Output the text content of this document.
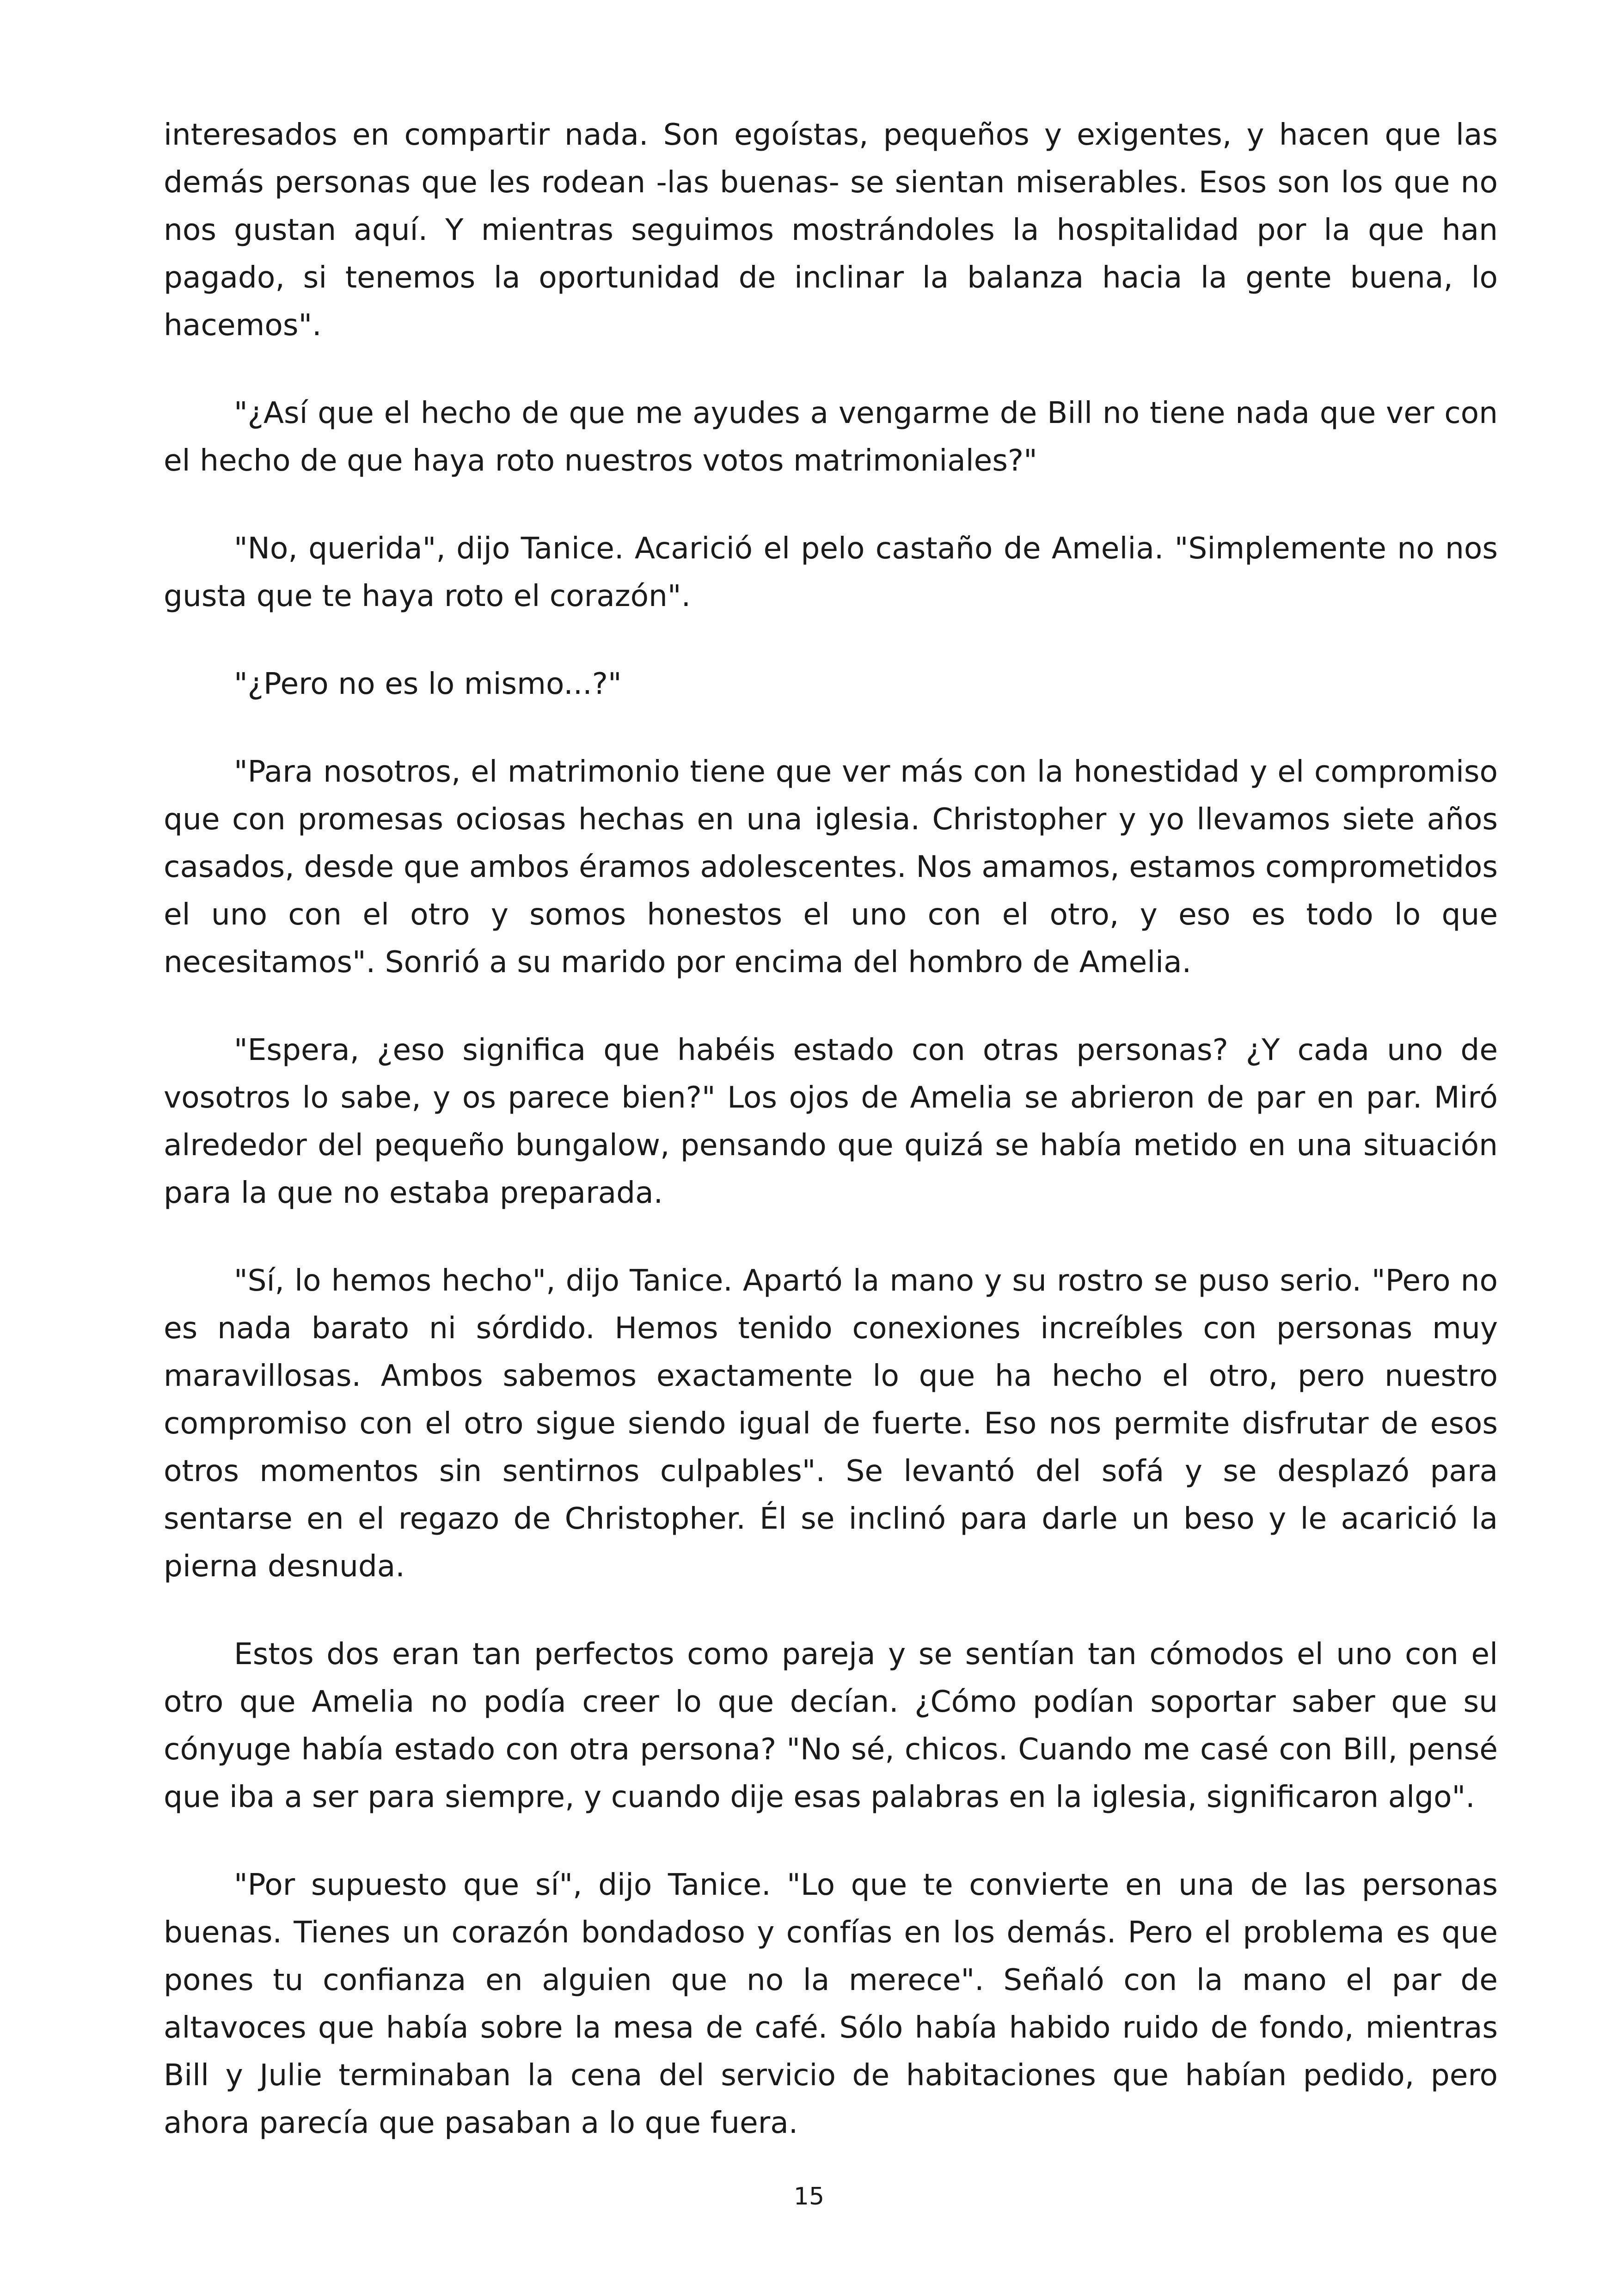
interesados en compartir nada. Son egoístas, pequeños y exigentes, y hacen que las demás personas que les rodean -las buenas- se sientan miserables. Esos son los que no nos gustan aquí. Y mientras seguimos mostrándoles la hospitalidad por la que han pagado, si tenemos la oportunidad de inclinar la balanza hacia la gente buena, lo hacemos".

"¿Así que el hecho de que me ayudes a vengarme de Bill no tiene nada que ver con el hecho de que haya roto nuestros votos matrimoniales?"

"No, querida", dijo Tanice. Acarició el pelo castaño de Amelia. "Simplemente no nos gusta que te haya roto el corazón".

"¿Pero no es lo mismo...?"

"Para nosotros, el matrimonio tiene que ver más con la honestidad y el compromiso que con promesas ociosas hechas en una iglesia. Christopher y yo llevamos siete años casados, desde que ambos éramos adolescentes. Nos amamos, estamos comprometidos el uno con el otro y somos honestos el uno con el otro, y eso es todo lo que necesitamos". Sonrió a su marido por encima del hombro de Amelia.

"Espera, ¿eso significa que habéis estado con otras personas? ¿Y cada uno de vosotros lo sabe, y os parece bien?" Los ojos de Amelia se abrieron de par en par. Miró alrededor del pequeño bungalow, pensando que quizá se había metido en una situación para la que no estaba preparada.

"Sí, lo hemos hecho", dijo Tanice. Apartó la mano y su rostro se puso serio. "Pero no es nada barato ni sórdido. Hemos tenido conexiones increíbles con personas muy maravillosas. Ambos sabemos exactamente lo que ha hecho el otro, pero nuestro compromiso con el otro sigue siendo igual de fuerte. Eso nos permite disfrutar de esos otros momentos sin sentirnos culpables". Se levantó del sofá y se desplazó para sentarse en el regazo de Christopher. Él se inclinó para darle un beso y le acarició la pierna desnuda.

Estos dos eran tan perfectos como pareja y se sentían tan cómodos el uno con el otro que Amelia no podía creer lo que decían. ¿Cómo podían soportar saber que su cónyuge había estado con otra persona? "No sé, chicos. Cuando me casé con Bill, pensé que iba a ser para siempre, y cuando dije esas palabras en la iglesia, significaron algo".

"Por supuesto que sí", dijo Tanice. "Lo que te convierte en una de las personas buenas. Tienes un corazón bondadoso y confías en los demás. Pero el problema es que pones tu confianza en alguien que no la merece". Señaló con la mano el par de altavoces que había sobre la mesa de café. Sólo había habido ruido de fondo, mientras Bill y Julie terminaban la cena del servicio de habitaciones que habían pedido, pero ahora parecía que pasaban a lo que fuera.

15
